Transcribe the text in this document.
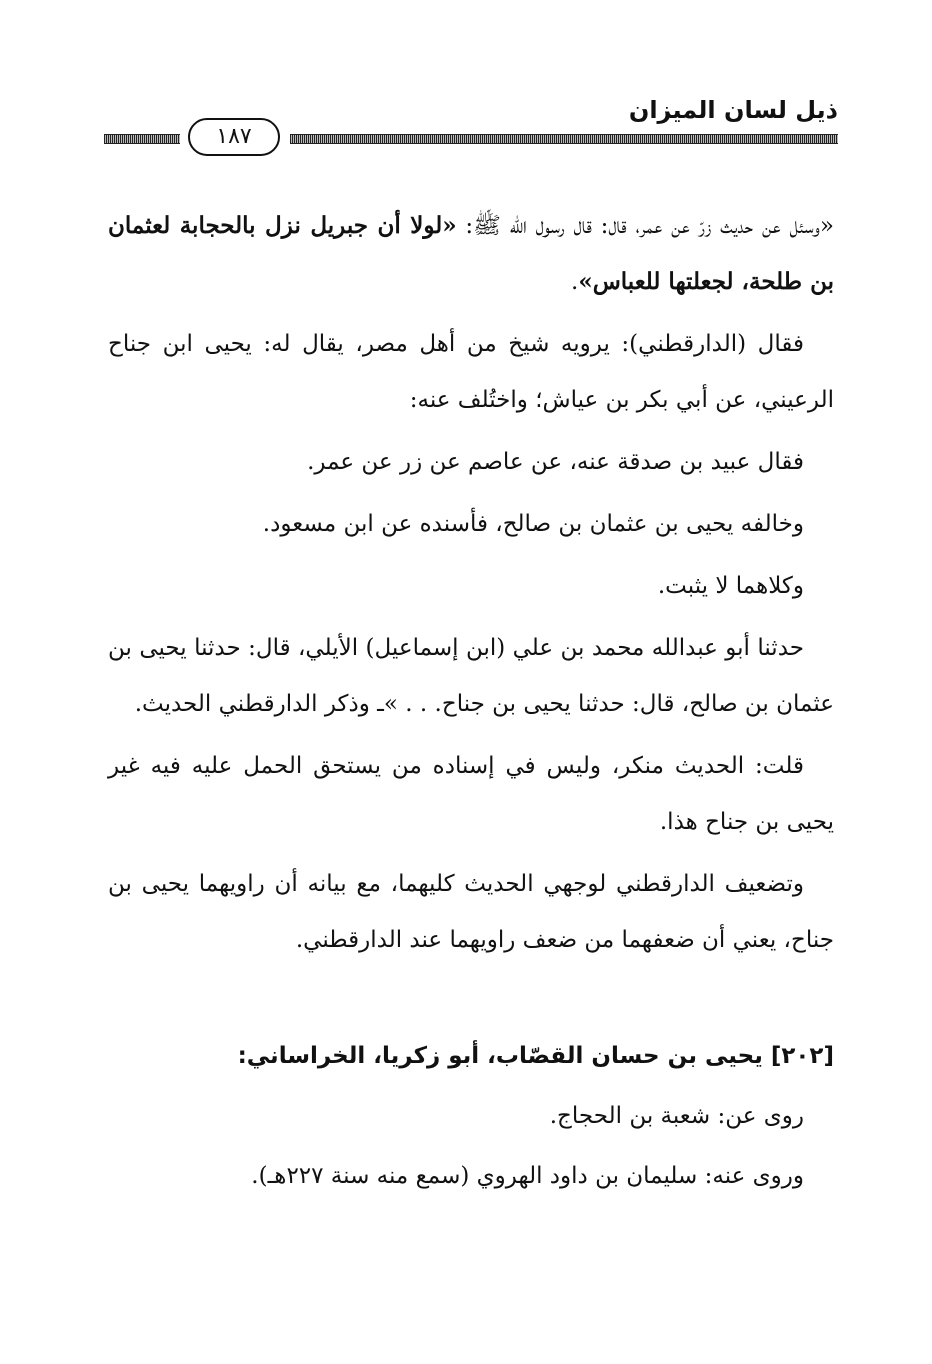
ذيل لسان الميزان
١٨٧

«وسئل عن حديث زرّ عن عمر، قال: قال رسول الله ﷺ: «لولا أن جبريل نزل بالحجابة لعثمان بن طلحة، لجعلتها للعباس».

فقال (الدارقطني): يرويه شيخ من أهل مصر، يقال له: يحيى ابن جناح الرعيني، عن أبي بكر بن عياش؛ واختُلف عنه:

فقال عبيد بن صدقة عنه، عن عاصم عن زر عن عمر.

وخالفه يحيى بن عثمان بن صالح، فأسنده عن ابن مسعود.

وكلاهما لا يثبت.

حدثنا أبو عبدالله محمد بن علي (ابن إسماعيل) الأيلي، قال: حدثنا يحيى بن عثمان بن صالح، قال: حدثنا يحيى بن جناح. . . »ـ وذكر الدارقطني الحديث.

قلت: الحديث منكر، وليس في إسناده من يستحق الحمل عليه فيه غير يحيى بن جناح هذا.

وتضعيف الدارقطني لوجهي الحديث كليهما، مع بيانه أن راويهما يحيى بن جناح، يعني أن ضعفهما من ضعف راويهما عند الدارقطني.

[٢٠٢] يحيى بن حسان القصّاب، أبو زكريا، الخراساني:

روى عن: شعبة بن الحجاج.

وروى عنه: سليمان بن داود الهروي (سمع منه سنة ٢٢٧هـ).
